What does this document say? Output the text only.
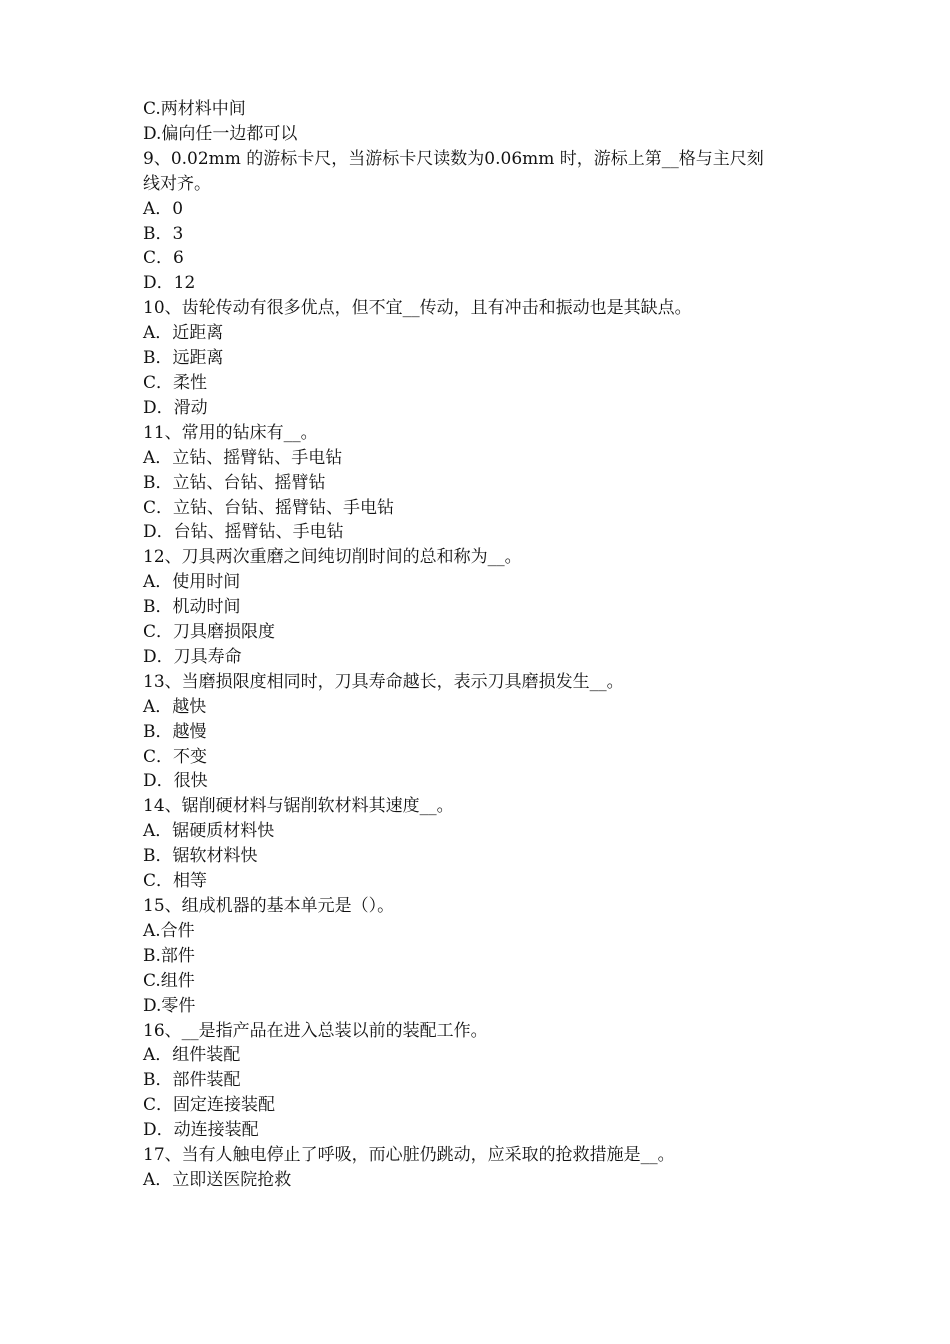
C.两材料中间
D.偏向任一边都可以
9、0.02mm 的游标卡尺，当游标卡尺读数为0.06mm 时，游标上第__格与主尺刻
线对齐。
A．0
B．3
C．6
D．12
10、齿轮传动有很多优点，但不宜__传动，且有冲击和振动也是其缺点。
A．近距离
B．远距离
C．柔性
D．滑动
11、常用的钻床有__。
A．立钻、摇臂钻、手电钻
B．立钻、台钻、摇臂钻
C．立钻、台钻、摇臂钻、手电钻
D．台钻、摇臂钻、手电钻
12、刀具两次重磨之间纯切削时间的总和称为__。
A．使用时间
B．机动时间
C．刀具磨损限度
D．刀具寿命
13、当磨损限度相同时，刀具寿命越长，表示刀具磨损发生__。
A．越快
B．越慢
C．不变
D．很快
14、锯削硬材料与锯削软材料其速度__。
A．锯硬质材料快
B．锯软材料快
C．相等
15、组成机器的基本单元是（）。
A.合件
B.部件
C.组件
D.零件
16、__是指产品在进入总装以前的装配工作。
A．组件装配
B．部件装配
C．固定连接装配
D．动连接装配
17、当有人触电停止了呼吸，而心脏仍跳动，应采取的抢救措施是__。
A．立即送医院抢救
